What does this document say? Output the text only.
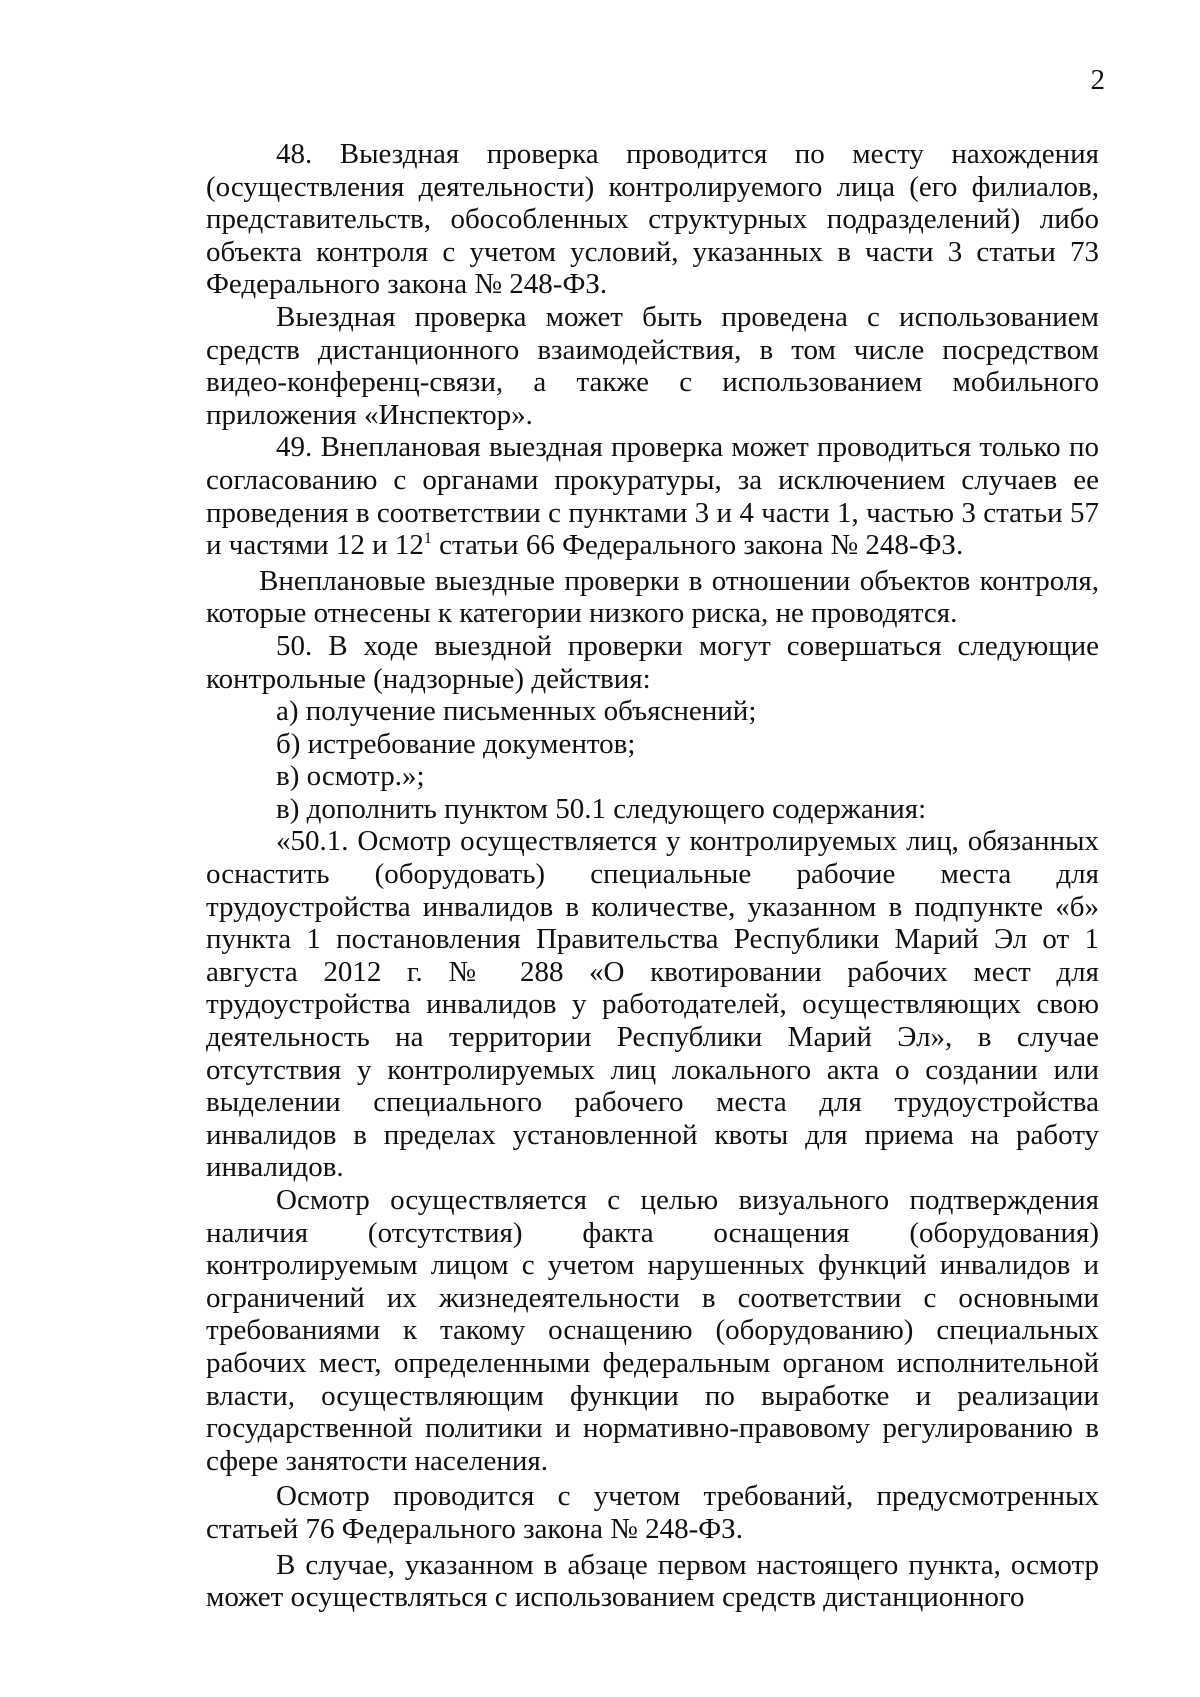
2

48. Выездная проверка проводится по месту нахождения (осуществления деятельности) контролируемого лица (его филиалов, представительств, обособленных структурных подразделений) либо объекта контроля с учетом условий, указанных в части 3 статьи 73 Федерального закона № 248-ФЗ.

Выездная проверка может быть проведена с использованием средств дистанционного взаимодействия, в том числе посредством видео-конференц-связи, а также с использованием мобильного приложения «Инспектор».

49. Внеплановая выездная проверка может проводиться только по согласованию с органами прокуратуры, за исключением случаев ее проведения в соответствии с пунктами 3 и 4 части 1, частью 3 статьи 57 и частями 12 и $12^1$ статьи 66 Федерального закона № 248-ФЗ.

Внеплановые выездные проверки в отношении объектов контроля, которые отнесены к категории низкого риска, не проводятся.

50. В ходе выездной проверки могут совершаться следующие контрольные (надзорные) действия:

а) получение письменных объяснений;

б) истребование документов;

в) осмотр.»;

в) дополнить пунктом 50.1 следующего содержания:

«50.1. Осмотр осуществляется у контролируемых лиц, обязанных оснастить (оборудовать) специальные рабочие места для трудоустройства инвалидов в количестве, указанном в подпункте «б» пункта 1 постановления Правительства Республики Марий Эл от 1 августа 2012 г. № 288 «О квотировании рабочих мест для трудоустройства инвалидов у работодателей, осуществляющих свою деятельность на территории Республики Марий Эл», в случае отсутствия у контролируемых лиц локального акта о создании или выделении специального рабочего места для трудоустройства инвалидов в пределах установленной квоты для приема на работу инвалидов.

Осмотр осуществляется с целью визуального подтверждения наличия (отсутствия) факта оснащения (оборудования) контролируемым лицом с учетом нарушенных функций инвалидов и ограничений их жизнедеятельности в соответствии с основными требованиями к такому оснащению (оборудованию) специальных рабочих мест, определенными федеральным органом исполнительной власти, осуществляющим функции по выработке и реализации государственной политики и нормативно-правовому регулированию в сфере занятости населения.

Осмотр проводится с учетом требований, предусмотренных статьей 76 Федерального закона № 248-ФЗ.

В случае, указанном в абзаце первом настоящего пункта, осмотр может осуществляться с использованием средств дистанционного
